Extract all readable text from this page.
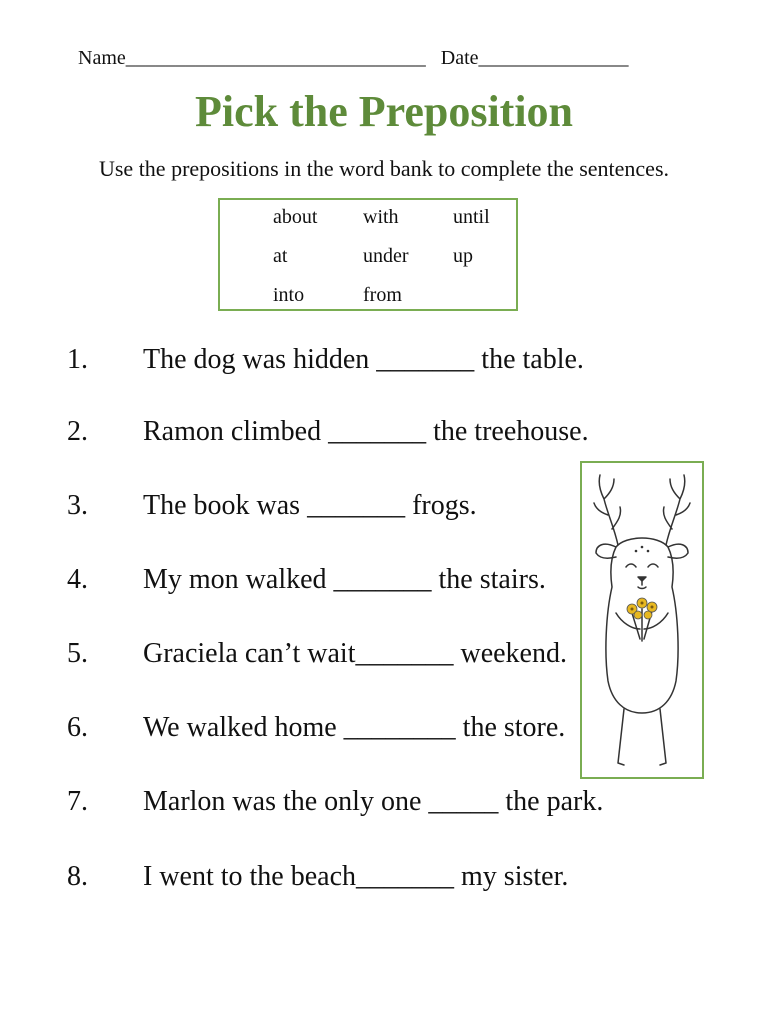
Name______________________________ Date_______________
Pick the Preposition
Use the prepositions in the word bank to complete the sentences.
about with	until
at	under up
into	from
1. The dog was hidden _______ the table.
2. Ramon climbed _______ the treehouse.
3. The book was _______ frogs.
4. My mon walked _______ the stairs.
5. Graciela can’t wait_______ weekend.
6. We walked home ________ the store.
7. Marlon was the only one _____ the park.
8. I went to the beach_______ my sister.
